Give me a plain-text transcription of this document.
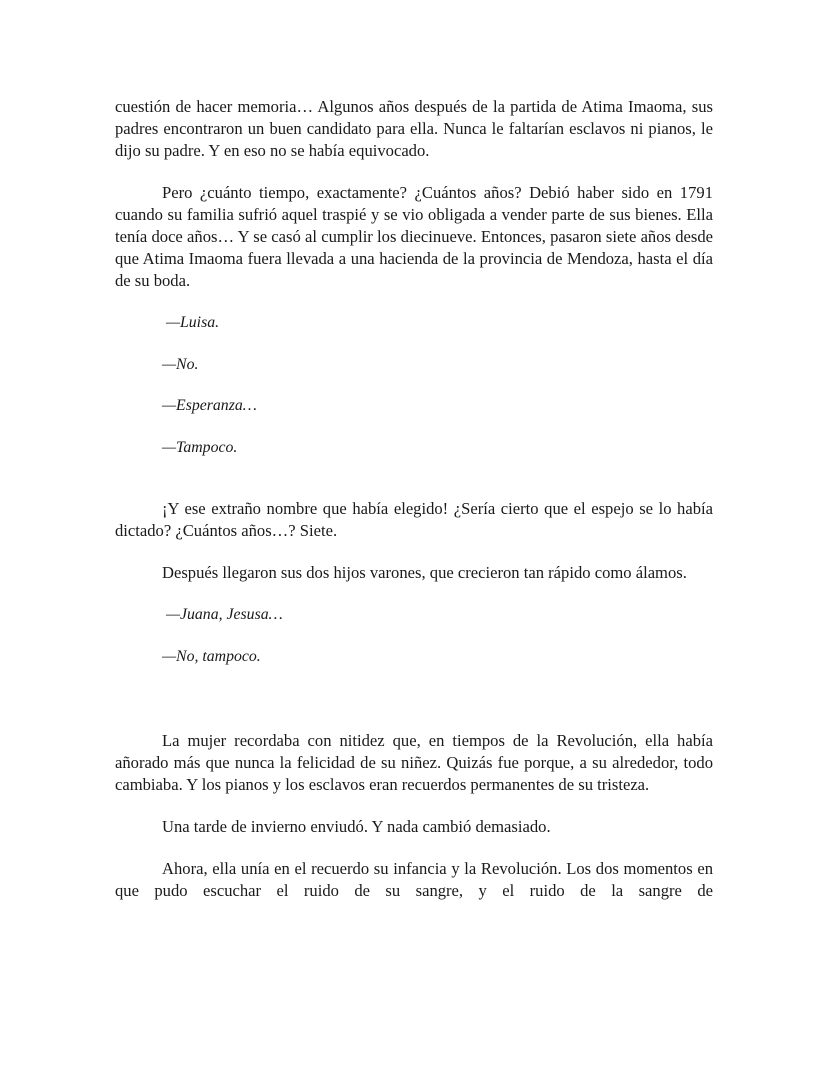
cuestión de hacer memoria… Algunos años después de la partida de Atima Imaoma, sus padres encontraron un buen candidato para ella. Nunca le faltarían esclavos ni pianos, le dijo su padre. Y en eso no se había equivocado.

Pero ¿cuánto tiempo, exactamente? ¿Cuántos años? Debió haber sido en 1791 cuando su familia sufrió aquel traspié y se vio obligada a vender parte de sus bienes. Ella tenía doce años… Y se casó al cumplir los diecinueve. Entonces, pasaron siete años desde que Atima Imaoma fuera llevada a una hacienda de la provincia de Mendoza, hasta el día de su boda.

—Luisa.
—No.
—Esperanza…
—Tampoco.

¡Y ese extraño nombre que había elegido! ¿Sería cierto que el espejo se lo había dictado? ¿Cuántos años…? Siete.

Después llegaron sus dos hijos varones, que crecieron tan rápido como álamos.

—Juana, Jesusa…
—No, tampoco.

La mujer recordaba con nitidez que, en tiempos de la Revolución, ella había añorado más que nunca la felicidad de su niñez. Quizás fue porque, a su alrededor, todo cambiaba. Y los pianos y los esclavos eran recuerdos permanentes de su tristeza.

Una tarde de invierno enviudó. Y nada cambió demasiado.

Ahora, ella unía en el recuerdo su infancia y la Revolución. Los dos momentos en que pudo escuchar el ruido de su sangre, y el ruido de la sangre de
